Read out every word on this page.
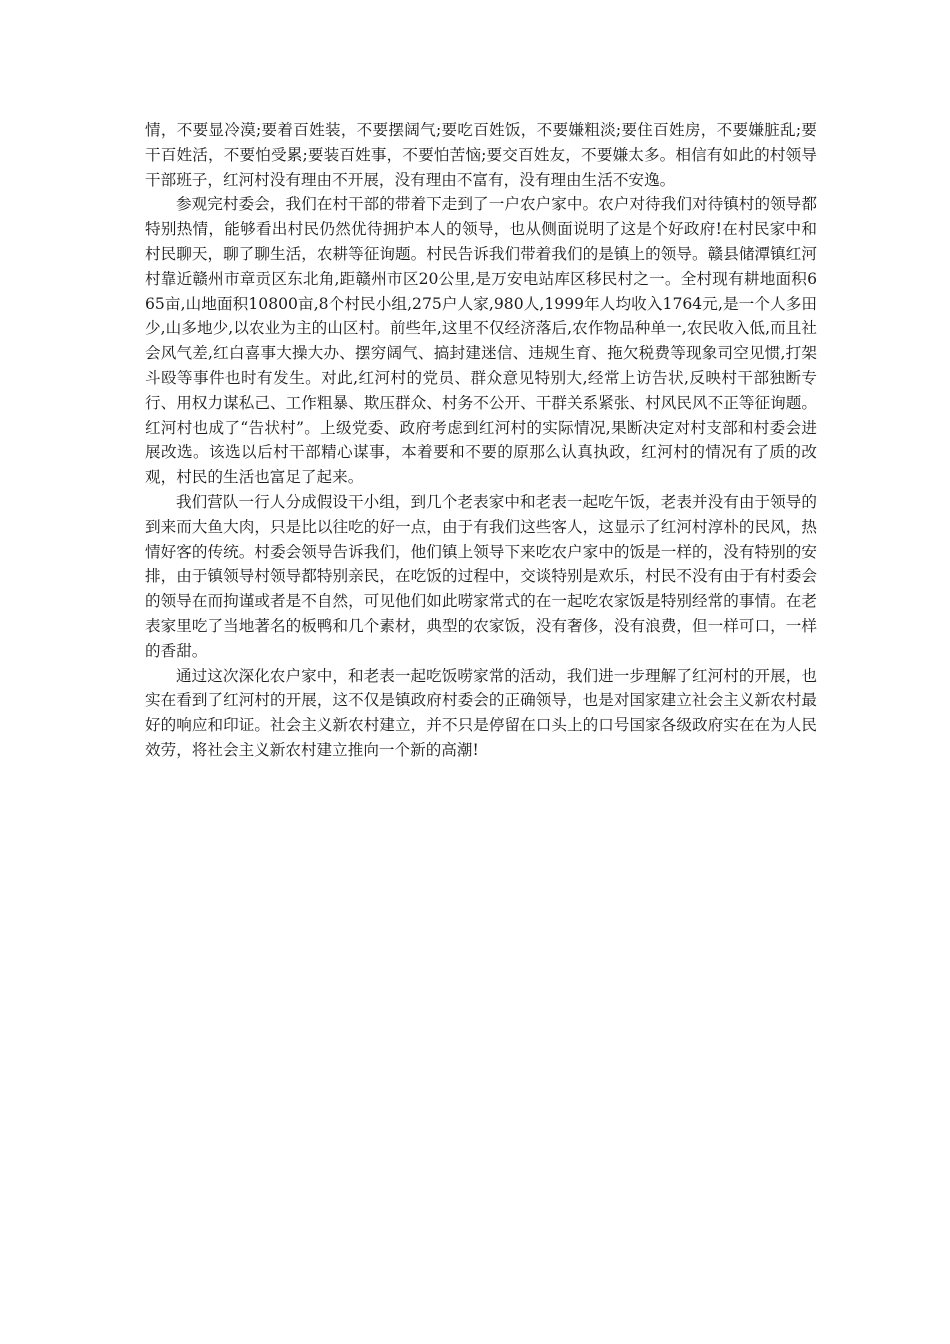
情，不要显冷漠;要着百姓装，不要摆阔气;要吃百姓饭，不要嫌粗淡;要住百姓房，不要嫌脏乱;要干百姓活，不要怕受累;要装百姓事，不要怕苦恼;要交百姓友，不要嫌太多。相信有如此的村领导干部班子，红河村没有理由不开展，没有理由不富有，没有理由生活不安逸。

参观完村委会，我们在村干部的带着下走到了一户农户家中。农户对待我们对待镇村的领导都特别热情，能够看出村民仍然优待拥护本人的领导，也从侧面说明了这是个好政府!在村民家中和村民聊天，聊了聊生活，农耕等征询题。村民告诉我们带着我们的是镇上的领导。赣县储潭镇红河村靠近赣州市章贡区东北角,距赣州市区20公里,是万安电站库区移民村之一。全村现有耕地面积665亩,山地面积10800亩,8个村民小组,275户人家,980人,1999年人均收入1764元,是一个人多田少,山多地少,以农业为主的山区村。前些年,这里不仅经济落后,农作物品种单一,农民收入低,而且社会风气差,红白喜事大操大办、摆穷阔气、搞封建迷信、违规生育、拖欠税费等现象司空见惯,打架斗殴等事件也时有发生。对此,红河村的党员、群众意见特别大,经常上访告状,反映村干部独断专行、用权力谋私己、工作粗暴、欺压群众、村务不公开、干群关系紧张、村风民风不正等征询题。红河村也成了“告状村”。上级党委、政府考虑到红河村的实际情况,果断决定对村支部和村委会进展改选。该选以后村干部精心谋事，本着要和不要的原那么认真执政，红河村的情况有了质的改观，村民的生活也富足了起来。

我们营队一行人分成假设干小组，到几个老表家中和老表一起吃午饭，老表并没有由于领导的到来而大鱼大肉，只是比以往吃的好一点，由于有我们这些客人，这显示了红河村淳朴的民风，热情好客的传统。村委会领导告诉我们，他们镇上领导下来吃农户家中的饭是一样的，没有特别的安排，由于镇领导村领导都特别亲民，在吃饭的过程中，交谈特别是欢乐，村民不没有由于有村委会的领导在而拘谨或者是不自然，可见他们如此唠家常式的在一起吃农家饭是特别经常的事情。在老表家里吃了当地著名的板鸭和几个素材，典型的农家饭，没有奢侈，没有浪费，但一样可口，一样的香甜。

通过这次深化农户家中，和老表一起吃饭唠家常的活动，我们进一步理解了红河村的开展，也实在看到了红河村的开展，这不仅是镇政府村委会的正确领导，也是对国家建立社会主义新农村最好的响应和印证。社会主义新农村建立，并不只是停留在口头上的口号国家各级政府实在在为人民效劳，将社会主义新农村建立推向一个新的高潮!
